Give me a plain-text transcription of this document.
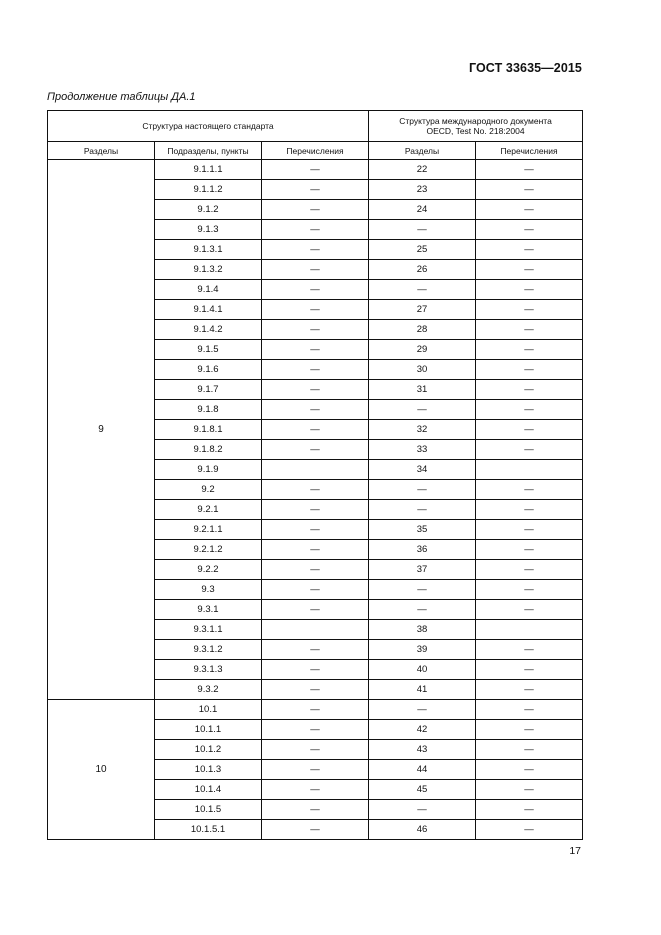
ГОСТ 33635—2015
Продолжение таблицы ДА.1
Структура настоящего стандарта			Структура международного документа
OECD, Test No. 218:2004	
Разделы	Подразделы, пункты	Перечисления	Разделы	Перечисления
9	9.1.1.1	—	22	—
	9.1.1.2	—	23	—
	9.1.2	—	24	—
	9.1.3	—	—	—
	9.1.3.1	—	25	—
	9.1.3.2	—	26	—
	9.1.4	—	—	—
	9.1.4.1	—	27	—
	9.1.4.2	—	28	—
	9.1.5	—	29	—
	9.1.6	—	30	—
	9.1.7	—	31	—
	9.1.8	—	—	—
	9.1.8.1	—	32	—
	9.1.8.2	—	33	—
	9.1.9		34	
	9.2	—	—	—
	9.2.1	—	—	—
	9.2.1.1	—	35	—
	9.2.1.2	—	36	—
	9.2.2	—	37	—
	9.3	—	—	—
	9.3.1	—	—	—
	9.3.1.1		38	
	9.3.1.2	—	39	—
	9.3.1.3	—	40	—
	9.3.2	—	41	—
10	10.1	—	—	—
	10.1.1	—	42	—
	10.1.2	—	43	—
	10.1.3	—	44	—
	10.1.4	—	45	—
	10.1.5	—	—	—
	10.1.5.1	—	46	—
17
